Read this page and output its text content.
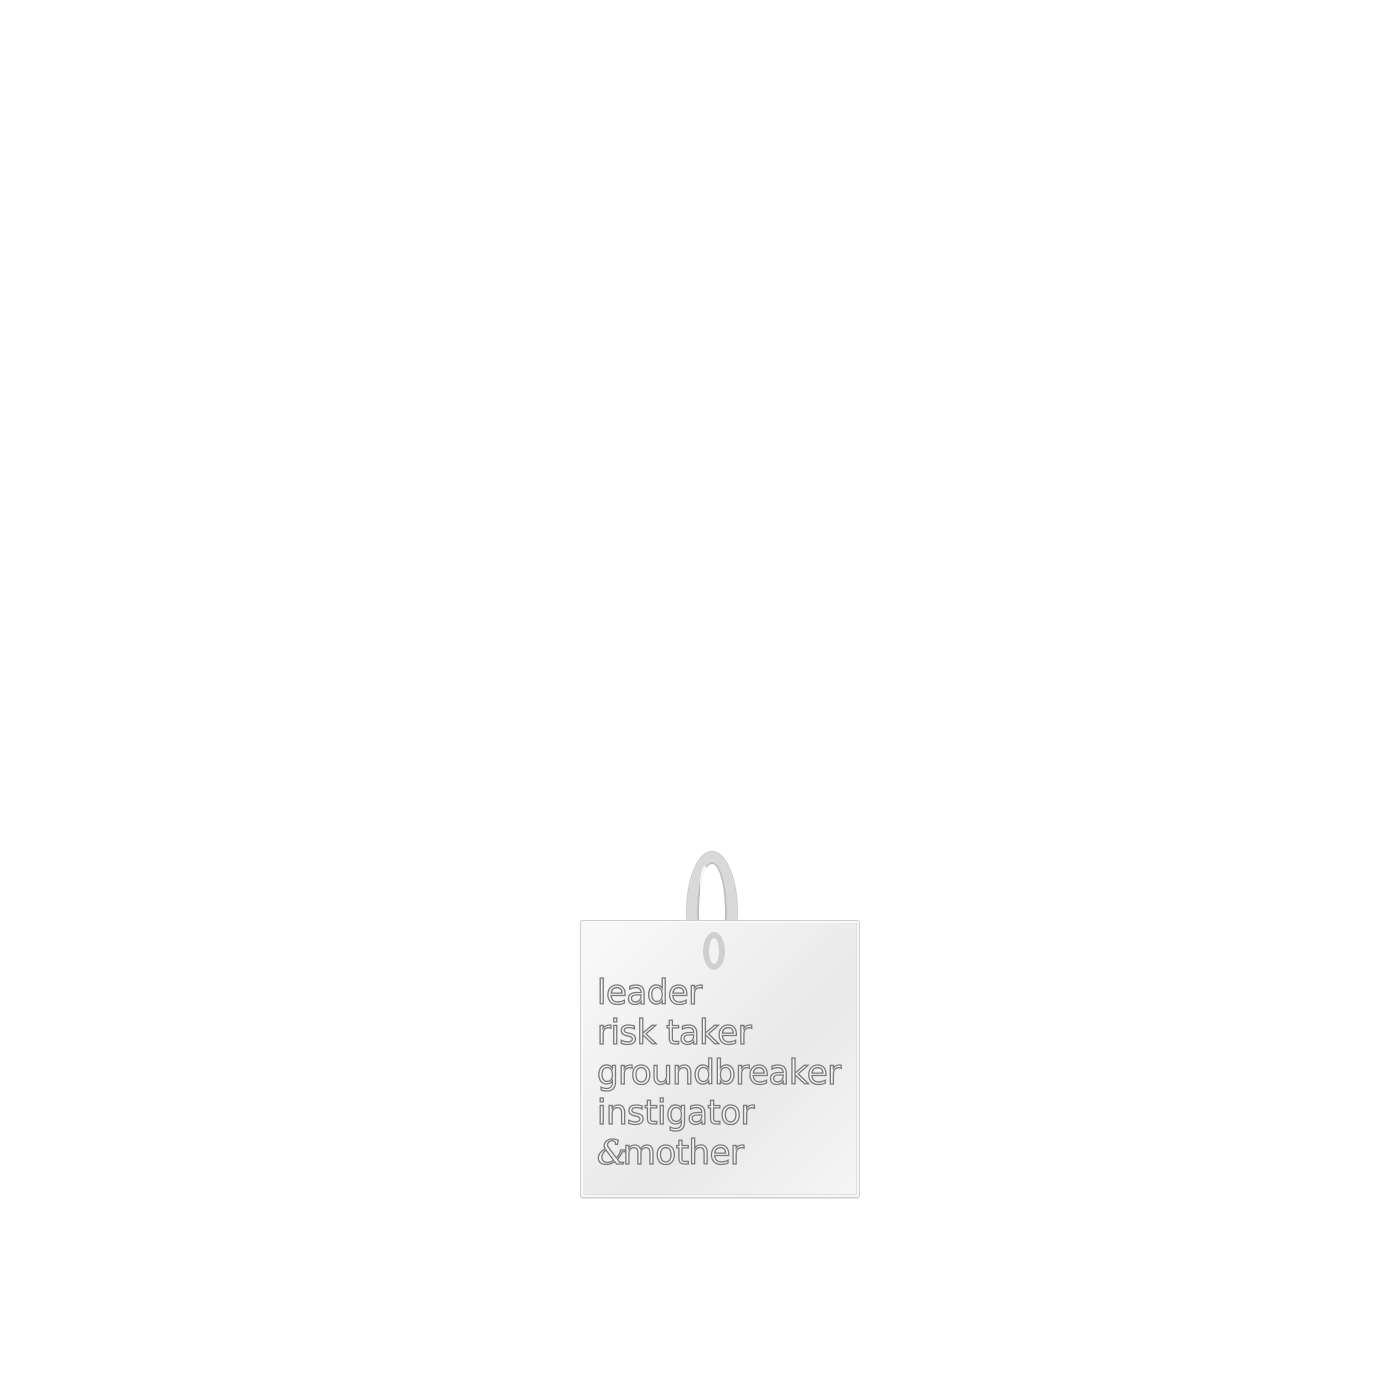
leader
risk taker
groundbreaker
instigator
&mother
